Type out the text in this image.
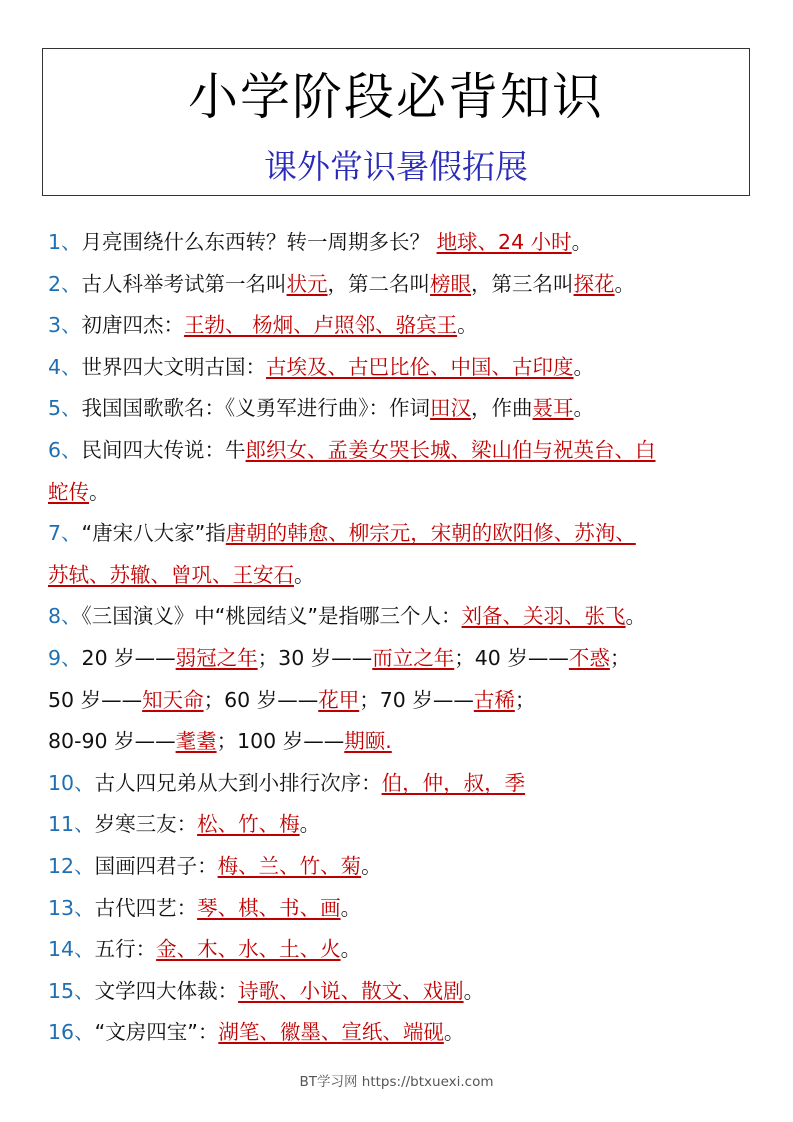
小学阶段必背知识
课外常识暑假拓展
1、月亮围绕什么东西转？转一周期多长？ 地球、24 小时。
2、古人科举考试第一名叫状元，第二名叫榜眼，第三名叫探花。
3、初唐四杰：王勃、 杨炯、卢照邻、骆宾王。
4、世界四大文明古国：古埃及、古巴比伦、中国、古印度。
5、我国国歌歌名：《义勇军进行曲》：作词田汉，作曲聂耳。
6、民间四大传说：牛郎织女、孟姜女哭长城、梁山伯与祝英台、白
蛇传。
7、“唐宋八大家”指唐朝的韩愈、柳宗元，宋朝的欧阳修、苏洵、
苏轼、苏辙、曾巩、王安石。
8、《三国演义》中“桃园结义”是指哪三个人：刘备、关羽、张飞。
9、20 岁——弱冠之年；30 岁——而立之年；40 岁——不惑；
50 岁——知天命；60 岁——花甲；70 岁——古稀；
80-90 岁——耄耋；100 岁——期颐.
10、古人四兄弟从大到小排行次序：伯，仲，叔，季
11、岁寒三友：松、竹、梅。
12、国画四君子：梅、兰、竹、菊。
13、古代四艺：琴、棋、书、画。
14、五行：金、木、水、土、火。
15、文学四大体裁：诗歌、小说、散文、戏剧。
16、“文房四宝”：湖笔、徽墨、宣纸、端砚。
BT学习网 https://btxuexi.com
